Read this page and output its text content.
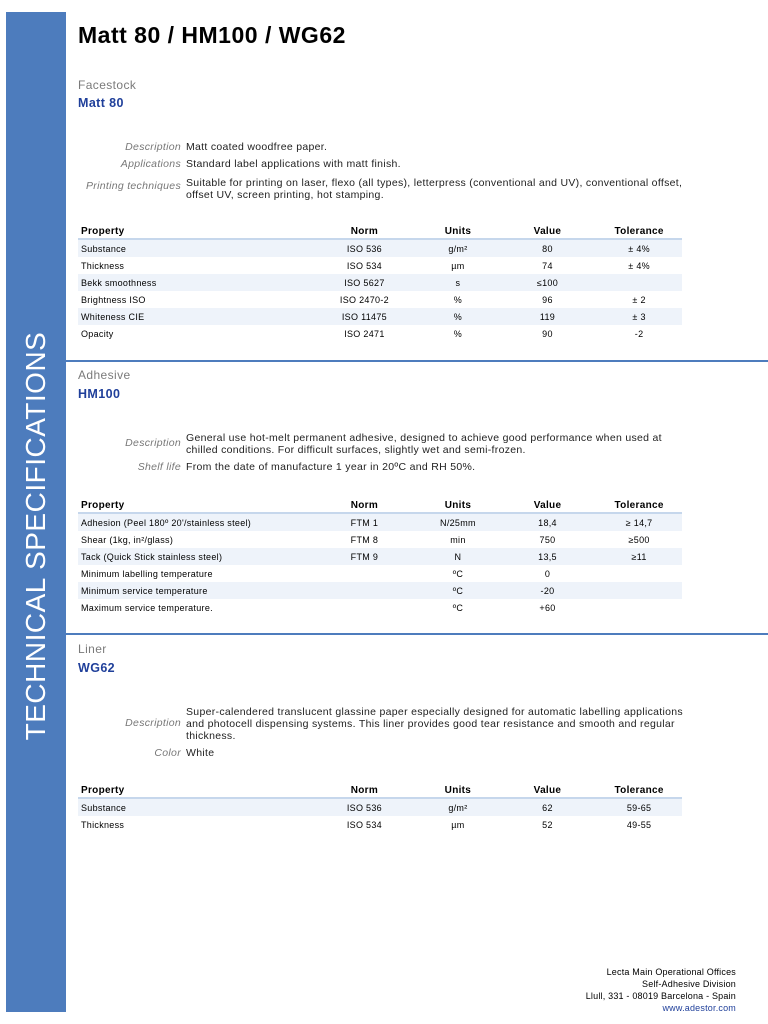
TECHNICAL SPECIFICATIONS
Matt 80 / HM100 / WG62
Facestock
Matt 80
Description Matt coated woodfree paper.
Applications Standard label applications with matt finish.
Printing techniques Suitable for printing on laser, flexo (all types), letterpress (conventional and UV), conventional offset, offset UV, screen printing, hot stamping.
Property	Norm	Units	Value	Tolerance
Substance	ISO 536	g/m²	80	± 4%
Thickness	ISO 534	µm	74	± 4%
Bekk smoothness	ISO 5627	s	≤100	
Brightness ISO	ISO 2470-2	%	96	± 2
Whiteness CIE	ISO 11475	%	119	± 3
Opacity	ISO 2471	%	90	-2
Adhesive
HM100
Description General use hot-melt permanent adhesive, designed to achieve good performance when used at chilled conditions. For difficult surfaces, slightly wet and semi-frozen.
Shelf life From the date of manufacture 1 year in 20ºC and RH 50%.
Property	Norm	Units	Value	Tolerance
Adhesion (Peel 180º 20'/stainless steel)	FTM 1	N/25mm	18,4	≥ 14,7
Shear (1kg, in²/glass)	FTM 8	min	750	≥500
Tack (Quick Stick stainless steel)	FTM 9	N	13,5	≥11
Minimum labelling temperature		ºC	0	
Minimum service temperature		ºC	-20	
Maximum service temperature.		ºC	+60	
Liner
WG62
Description
Super-calendered translucent glassine paper especially designed for automatic labelling applications and photocell dispensing systems. This liner provides good tear resistance and smooth and regular thickness.
Color White
Property	Norm	Units	Value	Tolerance
Substance	ISO 536	g/m²	62	59-65
Thickness	ISO 534	µm	52	49-55
Lecta Main Operational Offices
Self-Adhesive Division
Llull, 331 - 08019 Barcelona - Spain
www.adestor.com
